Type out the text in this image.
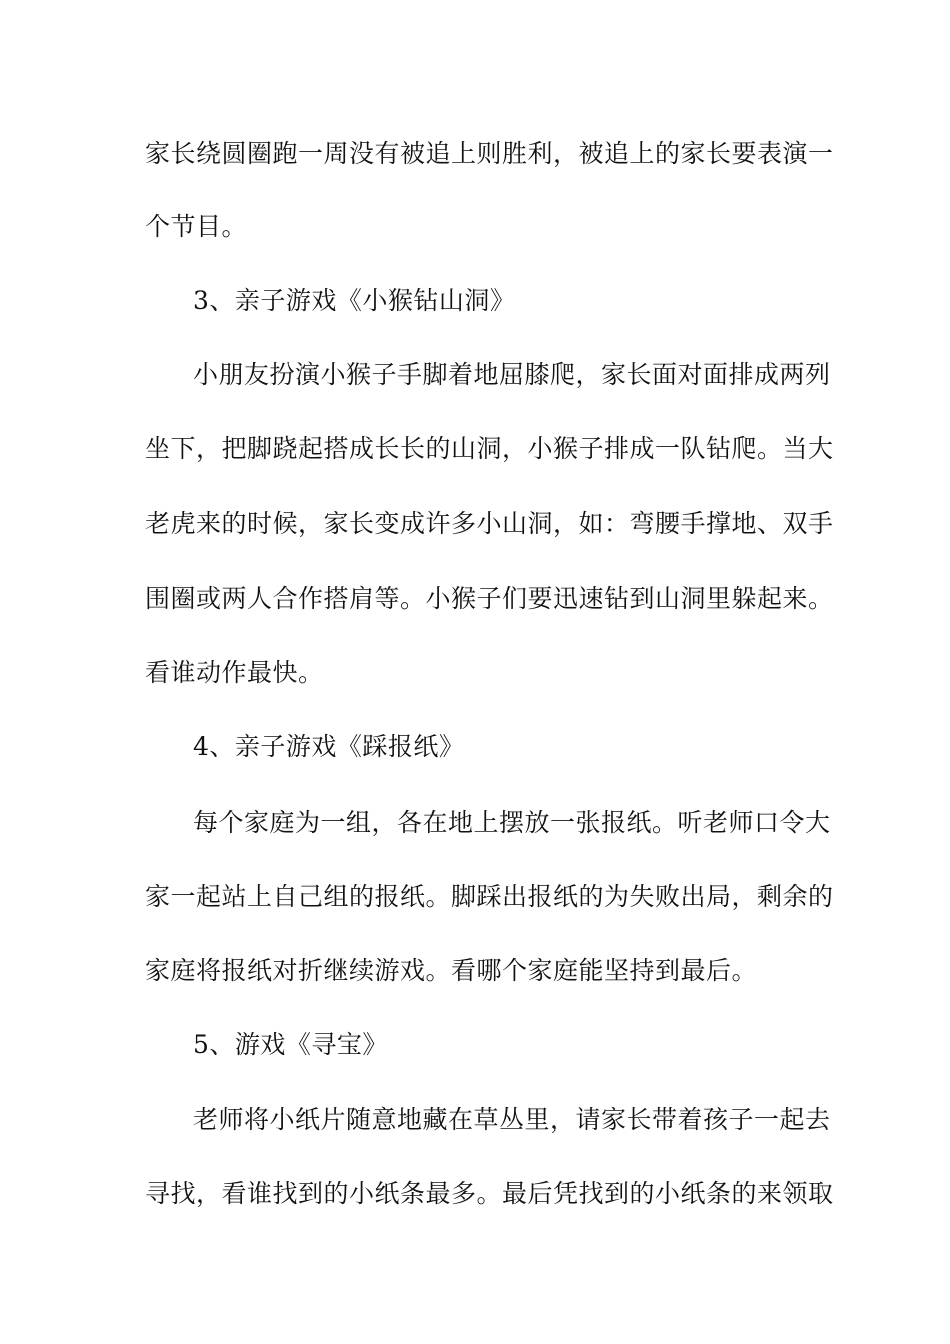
家长绕圆圈跑一周没有被追上则胜利，被追上的家长要表演一
个节目。
3、亲子游戏《小猴钻山洞》
小朋友扮演小猴子手脚着地屈膝爬，家长面对面排成两列
坐下，把脚跷起搭成长长的山洞，小猴子排成一队钻爬。当大
老虎来的时候，家长变成许多小山洞，如：弯腰手撑地、双手
围圈或两人合作搭肩等。小猴子们要迅速钻到山洞里躲起来。
看谁动作最快。
4、亲子游戏《踩报纸》
每个家庭为一组，各在地上摆放一张报纸。听老师口令大
家一起站上自己组的报纸。脚踩出报纸的为失败出局，剩余的
家庭将报纸对折继续游戏。看哪个家庭能坚持到最后。
5、游戏《寻宝》
老师将小纸片随意地藏在草丛里，请家长带着孩子一起去
寻找，看谁找到的小纸条最多。最后凭找到的小纸条的来领取
